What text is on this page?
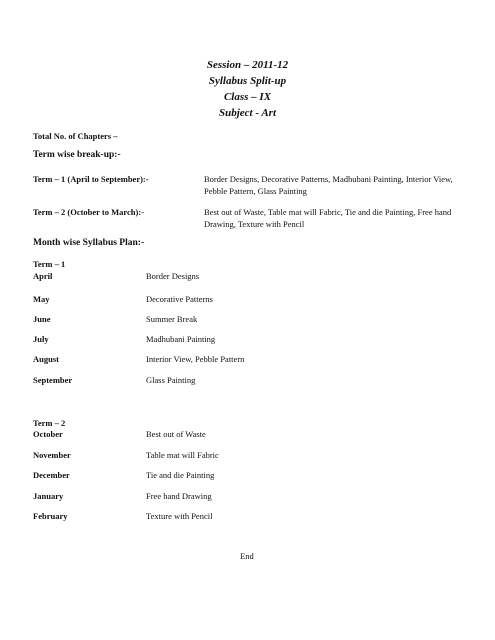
Session – 2011-12
Syllabus Split-up
Class – IX
Subject - Art
Total No. of Chapters –
Term wise break-up:-
Term – 1 (April to September):-	Border Designs, Decorative Patterns, Madhubani Painting, Interior View, Pebble Pattern, Glass Painting
Term – 2 (October to March):-	Best out of Waste, Table mat will Fabric, Tie and die Painting, Free hand Drawing, Texture with Pencil
Month wise Syllabus Plan:-
Term – 1
April	Border Designs
May	Decorative Patterns
June	Summer Break
July	Madhubani Painting
August	Interior View, Pebble Pattern
September	Glass Painting
Term – 2
October	Best out of Waste
November	Table mat will Fabric
December	Tie and die Painting
January	Free hand Drawing
February	Texture with Pencil
End
